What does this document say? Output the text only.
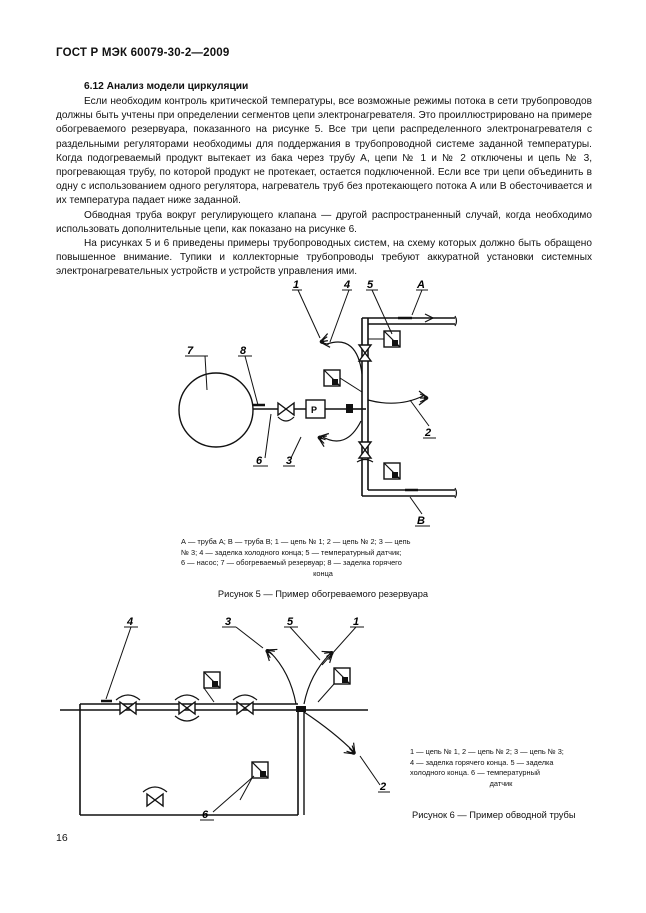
ГОСТ Р МЭК 60079-30-2—2009
6.12 Анализ модели циркуляции

Если необходим контроль критической температуры, все возможные режимы потока в сети трубопроводов должны быть учтены при определении сегментов цепи электронагревателя. Это проиллюстрировано на примере обогреваемого резервуара, показанного на рисунке 5. Все три цепи распределенного электронагревателя с раздельными регуляторами необходимы для поддержания в трубопроводной системе заданной температуры. Когда подогреваемый продукт вытекает из бака через трубу А, цепи № 1 и № 2 отключены и цепь № 3, прогревающая трубу, по которой продукт не протекает, остается подключенной. Если все три цепи объединить в одну с использованием одного регулятора, нагреватель труб без протекающего потока А или В обесточивается и их температура падает ниже заданной.

Обводная труба вокруг регулирующего клапана — другой распространенный случай, когда необходимо использовать дополнительные цепи, как показано на рисунке 6.

На рисунках 5 и 6 приведены примеры трубопроводных систем, на схему которых должно быть обращено повышенное внимание. Тупики и коллекторные трубопроводы требуют аккуратной установки системных электронагревательных устройств и устройств управления ими.

1	4 5	А
7	8
2
6 3
В
Р
4	3	5	1
2
6
А — труба А; В — труба В; 1 — цепь № 1; 2 — цепь № 2; 3 — цепь
№ 3; 4 — заделка холодного конца; 5 — температурный датчик;
6 — насос; 7 — обогреваемый резервуар; 8 — заделка горячего
конца
Рисунок 5 — Пример обогреваемого резервуара
1 — цепь № 1, 2 — цепь № 2; 3 — цепь № 3;
4 — заделка горячего конца. 5 — заделка
холодного конца. 6 — температурный
датчик
Рисунок 6 — Пример обводной трубы
16
